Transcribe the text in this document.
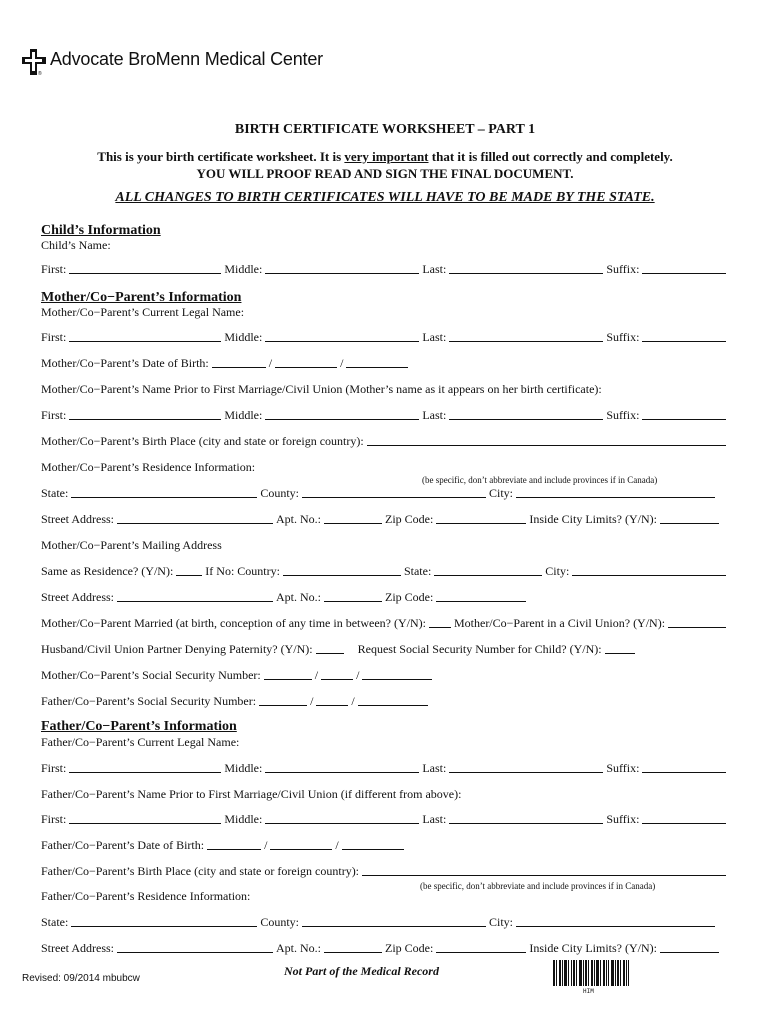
Advocate BroMenn Medical Center
®
BIRTH CERTIFICATE WORKSHEET – PART 1
This is your birth certificate worksheet. It is very important that it is filled out correctly and completely.
YOU WILL PROOF READ AND SIGN THE FINAL DOCUMENT.
ALL CHANGES TO BIRTH CERTIFICATES WILL HAVE TO BE MADE BY THE STATE.
Child’s Information
Child’s Name:
First:	Middle:	Last:	Suffix:
Mother/Co−Parent’s Information
Mother/Co−Parent’s Current Legal Name:
First:	Middle:	Last:	Suffix:
Mother/Co−Parent’s Date of Birth:	/	/
Mother/Co−Parent’s Name Prior to First Marriage/Civil Union (Mother’s name as it appears on her birth certificate):
First:	Middle:	Last:	Suffix:
Mother/Co−Parent’s Birth Place (city and state or foreign country):
Mother/Co−Parent’s Residence Information:
(be specific, don’t abbreviate and include provinces if in Canada)
State:	County:	City:
Street Address:	Apt. No.:	Zip Code:	Inside City Limits? (Y/N):
Mother/Co−Parent’s Mailing Address
Same as Residence? (Y/N):	If No: Country:	State:	City:
Street Address:	Apt. No.:	Zip Code:
Mother/Co−Parent Married (at birth, conception of any time in between? (Y/N): Mother/Co−Parent in a Civil Union? (Y/N):
Husband/Civil Union Partner Denying Paternity? (Y/N):	Request Social Security Number for Child? (Y/N):
Mother/Co−Parent’s Social Security Number:	/	/
Father/Co−Parent’s Social Security Number:	/	/
Father/Co−Parent’s Information
Father/Co−Parent’s Current Legal Name:
First:	Middle:	Last:	Suffix:
Father/Co−Parent’s Name Prior to First Marriage/Civil Union (if different from above):
First:	Middle:	Last:	Suffix:
Father/Co−Parent’s Date of Birth:	/	/
Father/Co−Parent’s Birth Place (city and state or foreign country):
(be specific, don’t abbreviate and include provinces if in Canada)
Father/Co−Parent’s Residence Information:
State:	County:	City:
Street Address:	Apt. No.:	Zip Code:	Inside City Limits? (Y/N):
Revised: 09/2014 mbubcw
Not Part of the Medical Record
HIM
